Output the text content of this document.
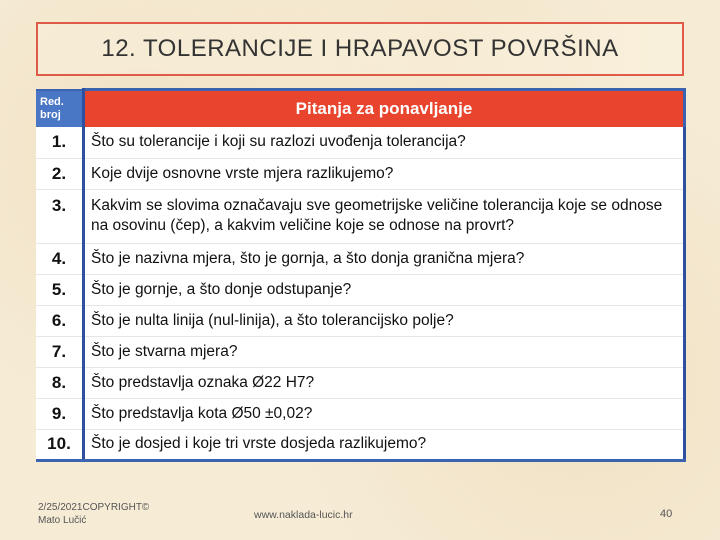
12. TOLERANCIJE I HRAPAVOST POVRŠINA
Red.
broj	Pitanja za ponavljanje
1.	Što su tolerancije i koji su razlozi uvođenja tolerancija?
2.	Koje dvije osnovne vrste mjera razlikujemo?
3.	Kakvim se slovima označavaju sve geometrijske veličine tolerancija koje se odnose na osovinu (čep), a kakvim veličine koje se odnose na provrt?
4.	Što je nazivna mjera, što je gornja, a što donja granična mjera?
5.	Što je gornje, a što donje odstupanje?
6.	Što je nulta linija (nul-linija), a što tolerancijsko polje?
7.	Što je stvarna mjera?
8.	Što predstavlja oznaka Ø22 H7?
9.	Što predstavlja kota Ø50 ±0,02?
10.	Što je dosjed i koje tri vrste dosjeda razlikujemo?
2/25/2021COPYRIGHT©
Mato Lučić	www.naklada-lucic.hr	40
